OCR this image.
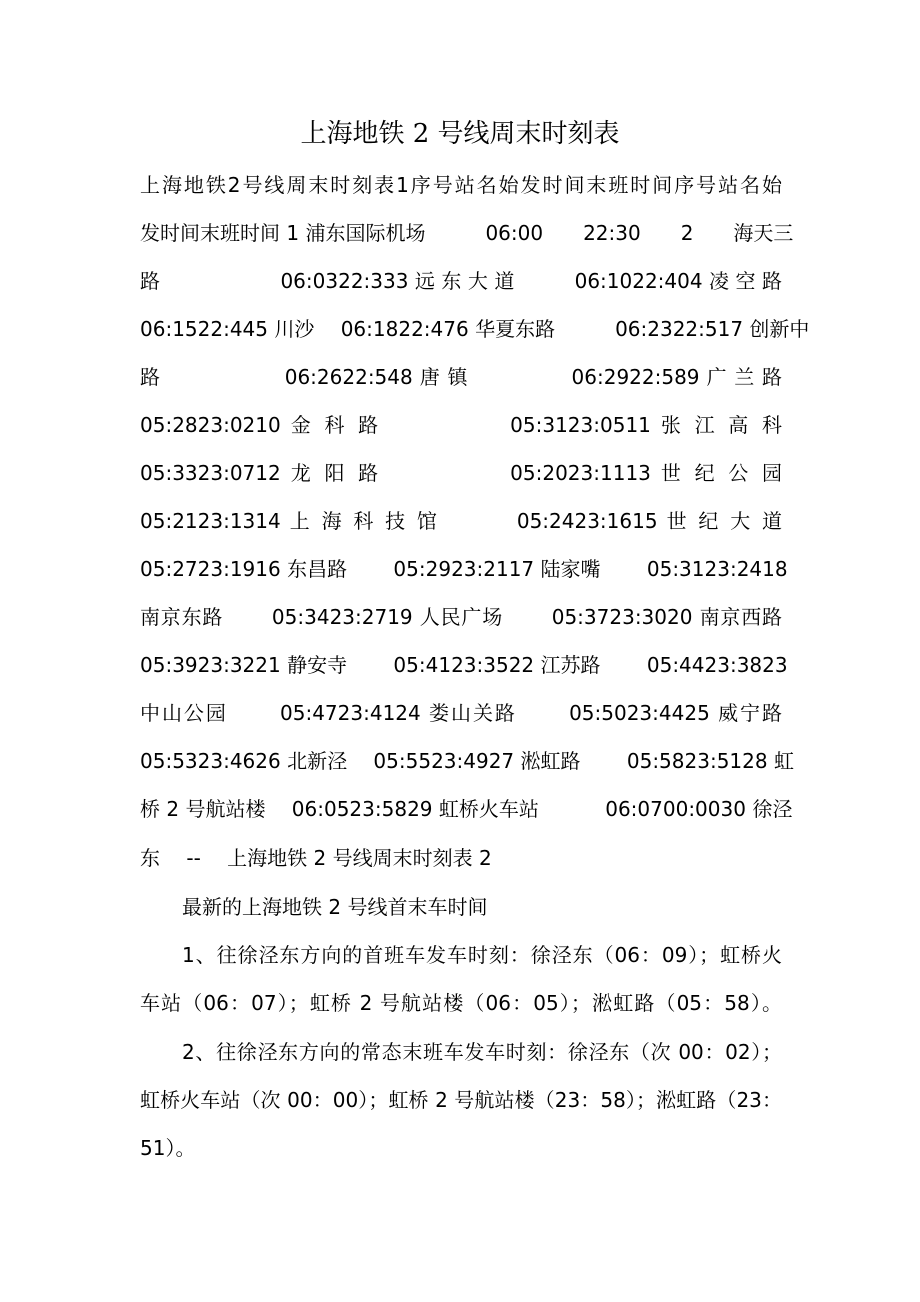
上海地铁 2 号线周末时刻表
上海地铁2号线周末时刻表1序号站名始发时间末班时间序号站名始
发时间末班时间 1 浦东国际机场　　　06:00　　22:30　　2　　海天三
路　　　　　　06:0322:333 远 东 大 道　　　06:1022:404 凌 空 路
06:1522:445 川沙　 06:1822:476 华夏东路　　　06:2322:517 创新中
路　　　　　　06:2622:548 唐 镇　　　　　06:2922:589 广 兰 路
05:2823:0210 金 科 路　　　　　 05:3123:0511 张 江 高 科
05:3323:0712 龙 阳 路　　　　　 05:2023:1113 世 纪 公 园
05:2123:1314 上 海 科 技 馆　　　 05:2423:1615 世 纪 大 道
05:2723:1916 东昌路　　 05:2923:2117 陆家嘴　　 05:3123:2418
南京东路　　 05:3423:2719 人民广场　　 05:3723:3020 南京西路
05:3923:3221 静安寺　　 05:4123:3522 江苏路　　 05:4423:3823
中山公园　　 05:4723:4124 娄山关路　　 05:5023:4425 威宁路
05:5323:4626 北新泾　 05:5523:4927 淞虹路　　 05:5823:5128 虹
桥 2 号航站楼　 06:0523:5829 虹桥火车站　　　 06:0700:0030 徐泾
东　 --　 上海地铁 2 号线周末时刻表 2
最新的上海地铁 2 号线首末车时间
1、往徐泾东方向的首班车发车时刻：徐泾东（06：09）；虹桥火
车站（06：07）；虹桥 2 号航站楼（06：05）；淞虹路（05：58）。
2、往徐泾东方向的常态末班车发车时刻：徐泾东（次 00：02）；
虹桥火车站（次 00：00）；虹桥 2 号航站楼（23：58）；淞虹路（23：
51）。
